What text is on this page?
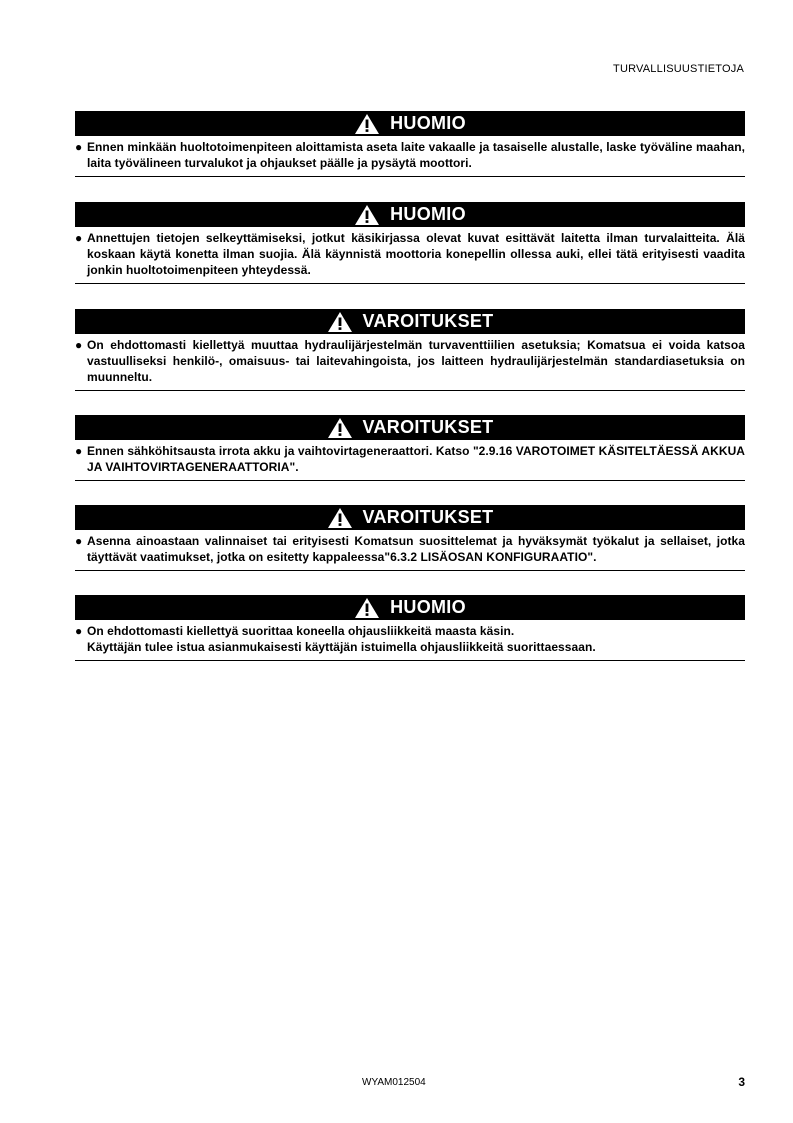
TURVALLISUUSTIETOJA
HUOMIO
● Ennen minkään huoltotoimenpiteen aloittamista aseta laite vakaalle ja tasaiselle alustalle, laske työväline maahan, laita työvälineen turvalukot ja ohjaukset päälle ja pysäytä moottori.

HUOMIO
● Annettujen tietojen selkeyttämiseksi, jotkut käsikirjassa olevat kuvat esittävät laitetta ilman turvalaitteita. Älä koskaan käytä konetta ilman suojia. Älä käynnistä moottoria konepellin ollessa auki, ellei tätä erityisesti vaadita jonkin huoltotoimenpiteen yhteydessä.

VAROITUKSET
● On ehdottomasti kiellettyä muuttaa hydraulijärjestelmän turvaventtiilien asetuksia; Komatsua ei voida katsoa vastuulliseksi henkilö-, omaisuus- tai laitevahingoista, jos laitteen hydraulijärjestelmän standardiasetuksia on muunneltu.

VAROITUKSET
● Ennen sähköhitsausta irrota akku ja vaihtovirtageneraattori. Katso "2.9.16 VAROTOIMET KÄSITELTÄESSÄ AKKUA JA VAIHTOVIRTAGENERAATTORIA".

VAROITUKSET
● Asenna ainoastaan valinnaiset tai erityisesti Komatsun suosittelemat ja hyväksymät työkalut ja sellaiset, jotka täyttävät vaatimukset, jotka on esitetty kappaleessa"6.3.2 LISÄOSAN KONFIGURAATIO".

HUOMIO
● On ehdottomasti kiellettyä suorittaa koneella ohjausliikkeitä maasta käsin.

Käyttäjän tulee istua asianmukaisesti käyttäjän istuimella ohjausliikkeitä suorittaessaan.

WYAM012504	3
